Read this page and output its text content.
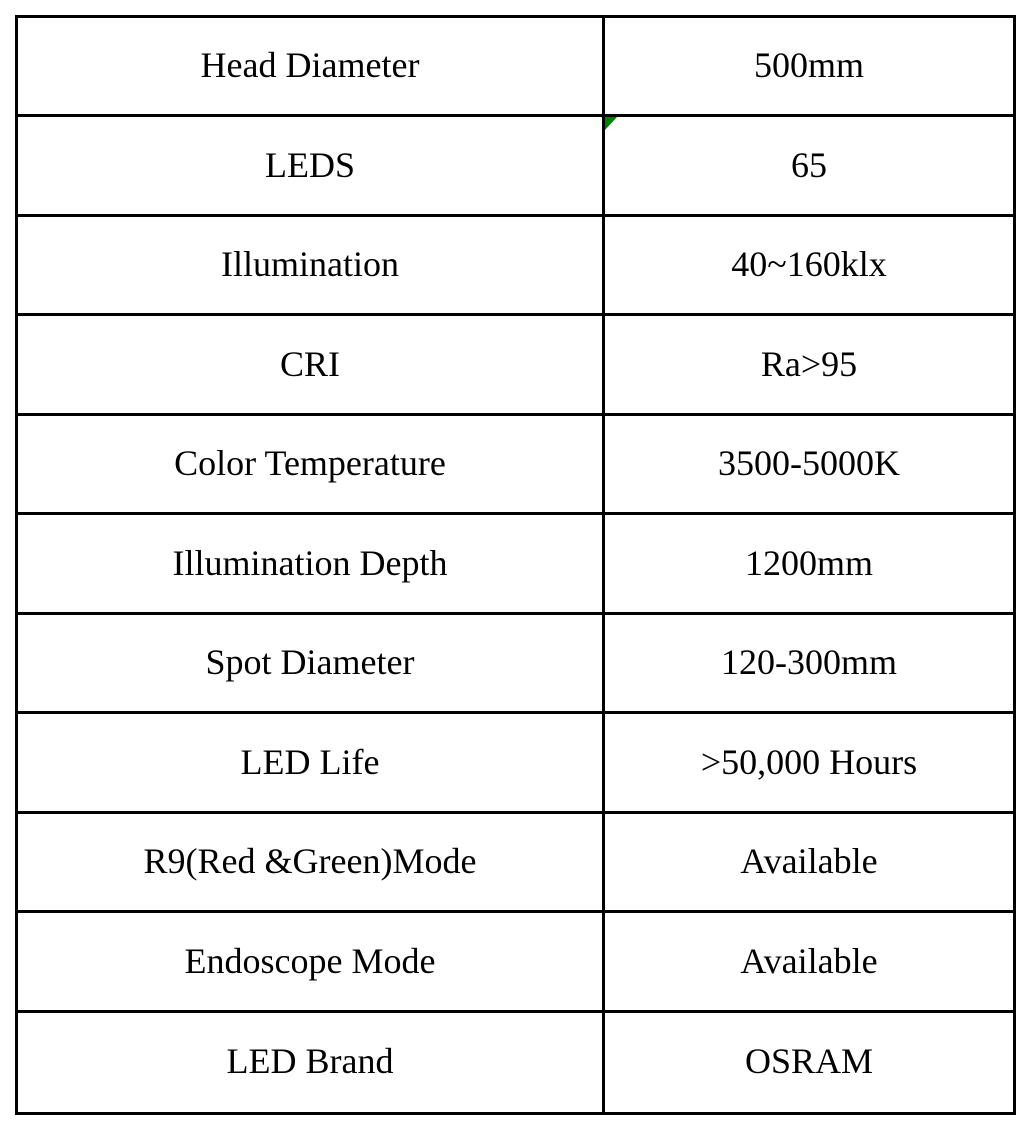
Head Diameter	500mm
LEDS	65
Illumination	40~160klx
CRI	Ra>95
Color Temperature	3500-5000K
Illumination Depth	1200mm
Spot Diameter	120-300mm
LED Life	>50,000 Hours
R9(Red &Green)Mode	Available
Endoscope Mode	Available
LED Brand	OSRAM
